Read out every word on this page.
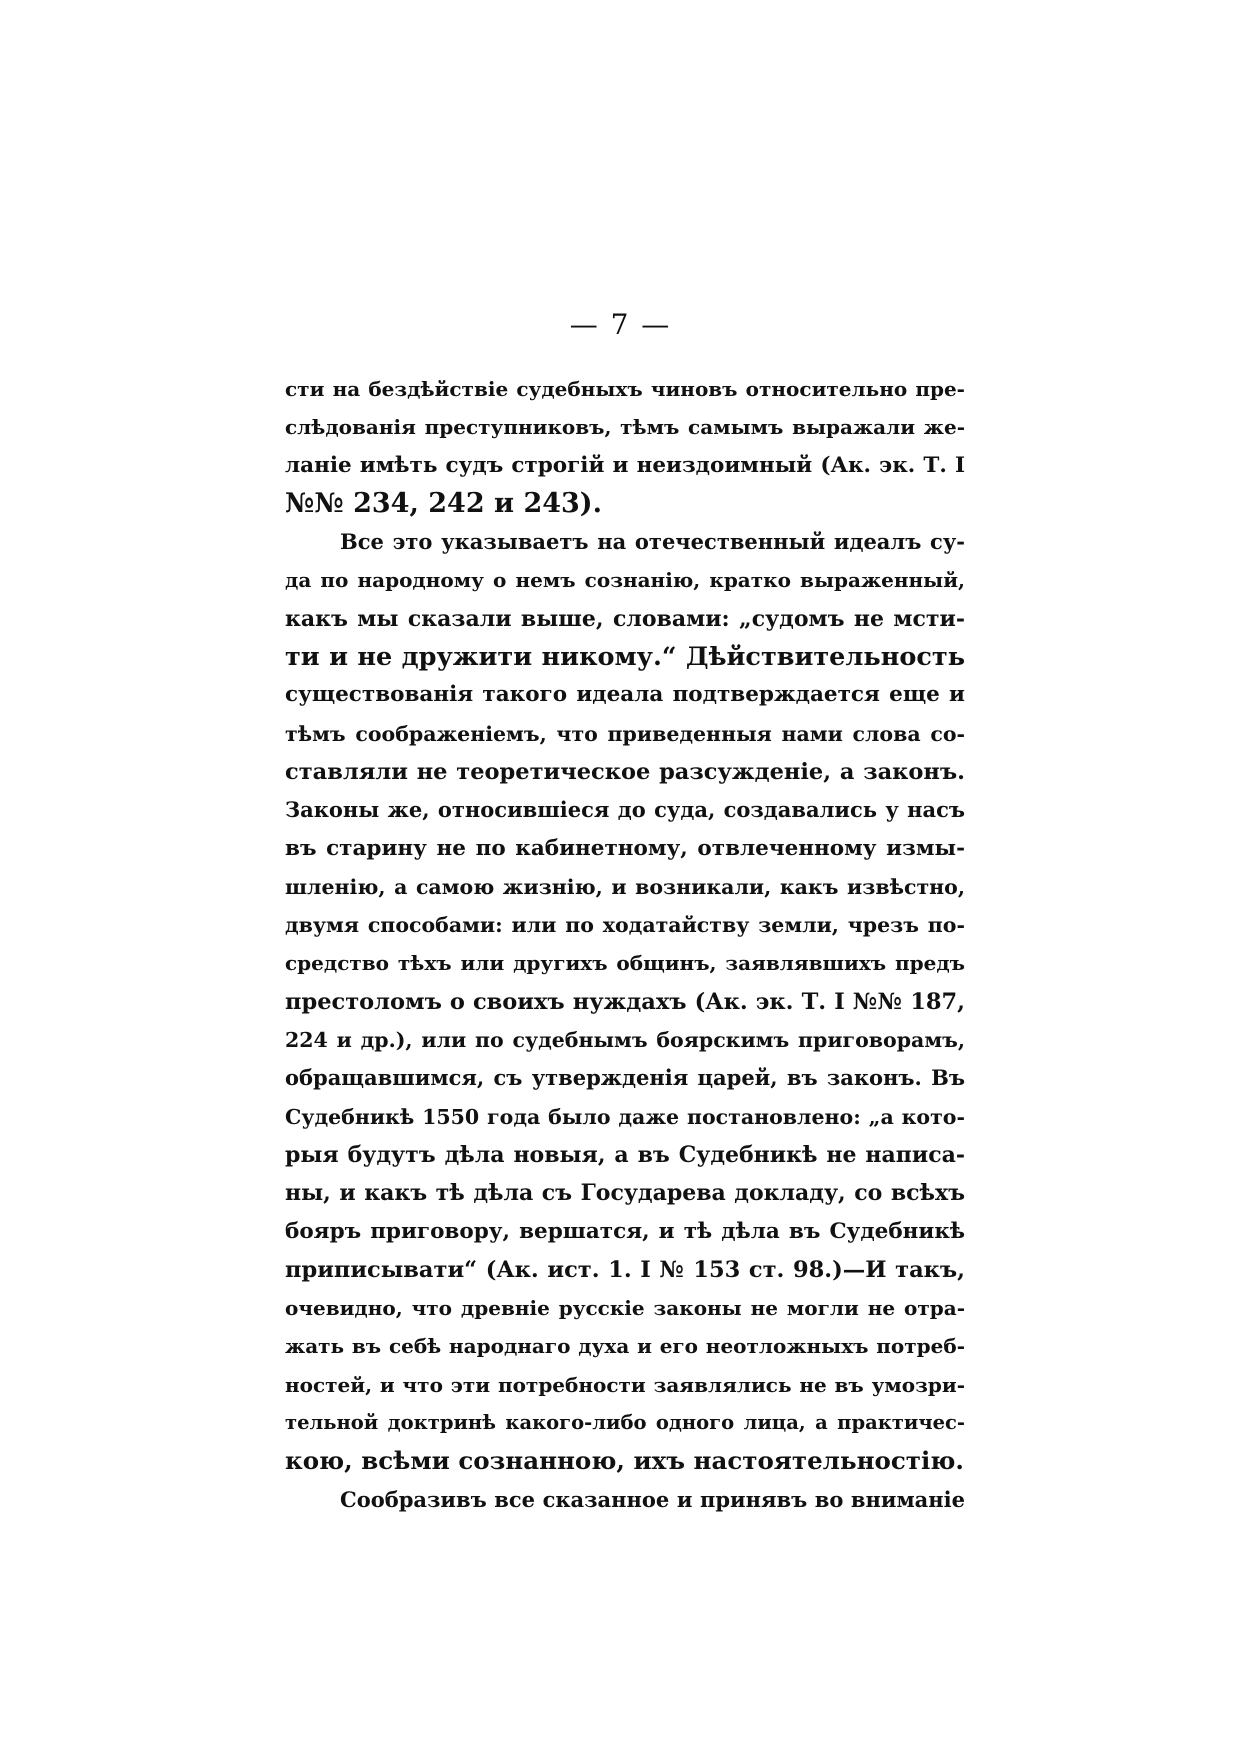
— 7 —
сти на бездѣйствіе судебныхъ чиновъ относительно пре-
слѣдованія преступниковъ, тѣмъ самымъ выражали же-
ланіе имѣть судъ строгій и неиздоимный (Ак. эк. Т. I
№№ 234, 242 и 243).
Все это указываетъ на отечественный идеалъ су-
да по народному о немъ сознанію, кратко выраженный,
какъ мы сказали выше, словами: „судомъ не мсти-
ти и не дружити никому.“ Дѣйствительность
существованія такого идеала подтверждается еще и
тѣмъ соображеніемъ, что приведенныя нами слова со-
ставляли не теоретическое разсужденіе, а законъ.
Законы же, относившіеся до суда, создавались у насъ
въ старину не по кабинетному, отвлеченному измы-
шленію, а самою жизнію, и возникали, какъ извѣстно,
двумя способами: или по ходатайству земли, чрезъ по-
средство тѣхъ или другихъ общинъ, заявлявшихъ предъ
престоломъ о своихъ нуждахъ (Ак. эк. Т. I №№ 187,
224 и др.), или по судебнымъ боярскимъ приговорамъ,
обращавшимся, съ утвержденія царей, въ законъ. Въ
Судебникѣ 1550 года было даже постановлено: „а кото-
рыя будутъ дѣла новыя, а въ Судебникѣ не написа-
ны, и какъ тѣ дѣла съ Государева докладу, со всѣхъ
бояръ приговору, вершатся, и тѣ дѣла въ Судебникѣ
приписывати“ (Ак. ист. 1. I № 153 ст. 98.)—И такъ,
очевидно, что древніе русскіе законы не могли не отра-
жать въ себѣ народнаго духа и его неотложныхъ потреб-
ностей, и что эти потребности заявлялись не въ умозри-
тельной доктринѣ какого-либо одного лица, а практичес-
кою, всѣми сознанною, ихъ настоятельностію.
Сообразивъ все сказанное и принявъ во вниманіе
